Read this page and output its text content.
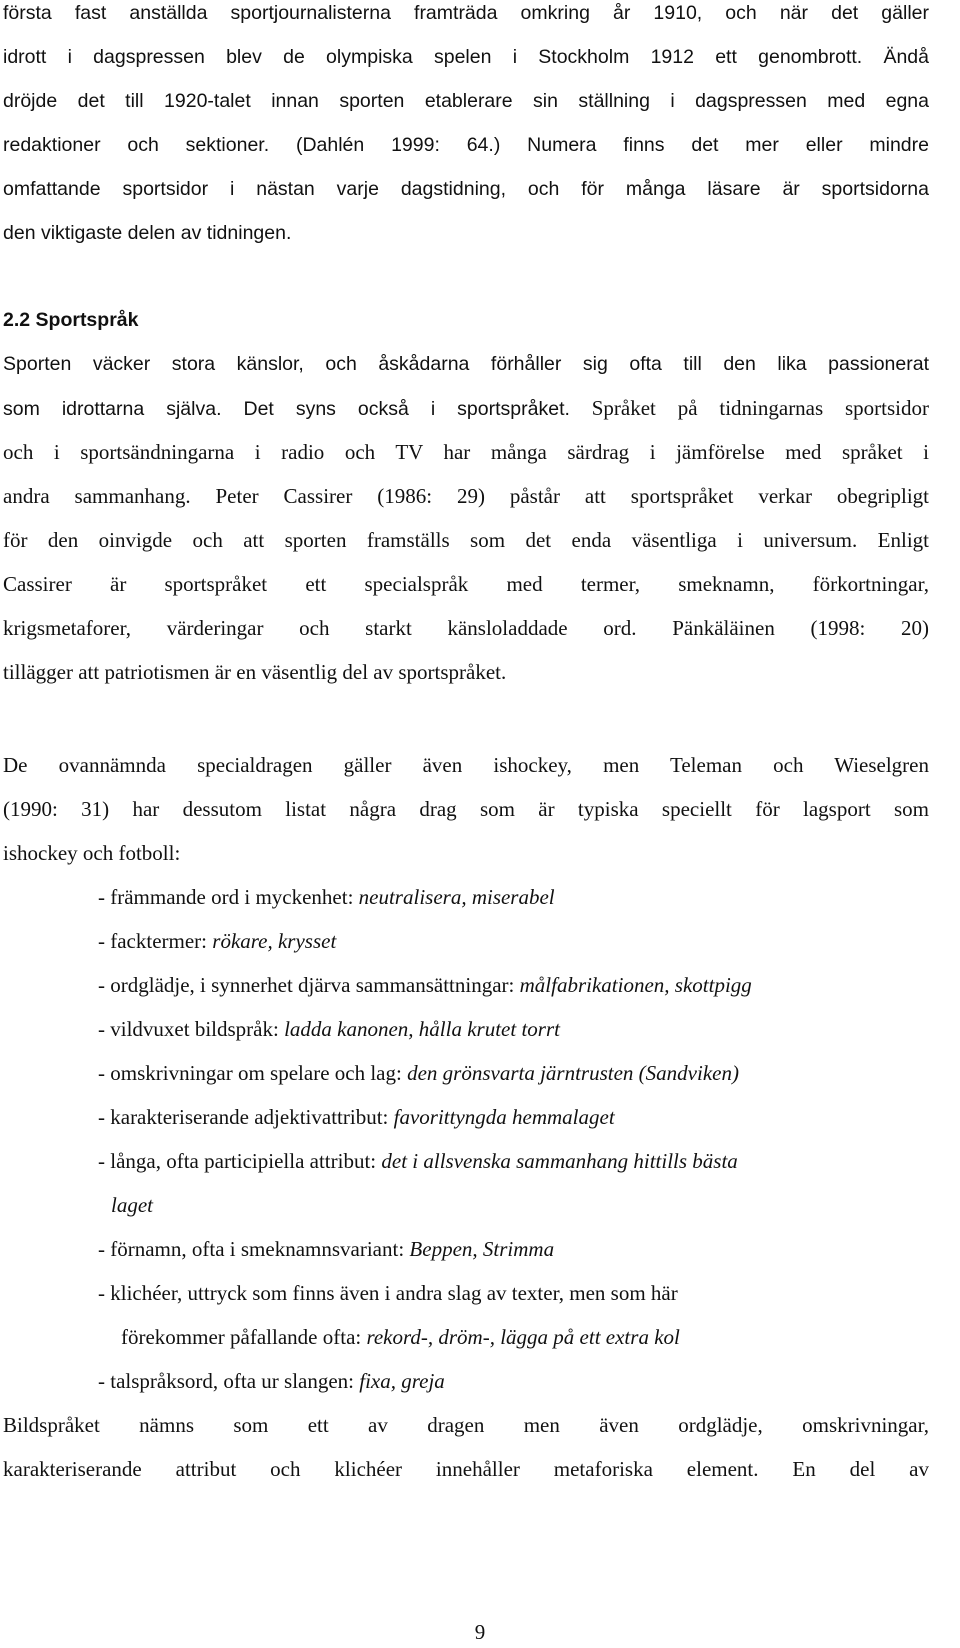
första fast anställda sportjournalisterna framträda omkring år 1910, och när det gäller
idrott i dagspressen blev de olympiska spelen i Stockholm 1912 ett genombrott. Ändå
dröjde det till 1920-talet innan sporten etablerare sin ställning i dagspressen med egna
redaktioner och sektioner. (Dahlén 1999: 64.) Numera finns det mer eller mindre
omfattande sportsidor i nästan varje dagstidning, och för många läsare är sportsidorna
den viktigaste delen av tidningen.
2.2 Sportspråk
Sporten väcker stora känslor, och åskådarna förhåller sig ofta till den lika passionerat
som idrottarna själva. Det syns också i sportspråket. Språket på tidningarnas sportsidor
och i sportsändningarna i radio och TV har många särdrag i jämförelse med språket i
andra sammanhang. Peter Cassirer (1986: 29) påstår att sportspråket verkar obegripligt
för den oinvigde och att sporten framställs som det enda väsentliga i universum. Enligt
Cassirer är sportspråket ett specialspråk med termer, smeknamn, förkortningar,
krigsmetaforer, värderingar och starkt känsloladdade ord. Pänkäläinen (1998: 20)
tillägger att patriotismen är en väsentlig del av sportspråket.
De ovannämnda specialdragen gäller även ishockey, men Teleman och Wieselgren
(1990: 31) har dessutom listat några drag som är typiska speciellt för lagsport som
ishockey och fotboll:
- främmande ord i myckenhet: neutralisera, miserabel
- facktermer: rökare, krysset
- ordglädje, i synnerhet djärva sammansättningar: målfabrikationen, skottpigg
- vildvuxet bildspråk: ladda kanonen, hålla krutet torrt
- omskrivningar om spelare och lag: den grönsvarta järntrusten (Sandviken)
- karakteriserande adjektivattribut: favorittyngda hemmalaget
- långa, ofta participiella attribut: det i allsvenska sammanhang hittills bästa
laget
- förnamn, ofta i smeknamnsvariant: Beppen, Strimma
- klichéer, uttryck som finns även i andra slag av texter, men som här
förekommer påfallande ofta: rekord-, dröm-, lägga på ett extra kol
- talspråksord, ofta ur slangen: fixa, greja
Bildspråket nämns som ett av dragen men även ordglädje, omskrivningar,
karakteriserande attribut och klichéer innehåller metaforiska element. En del av
9
